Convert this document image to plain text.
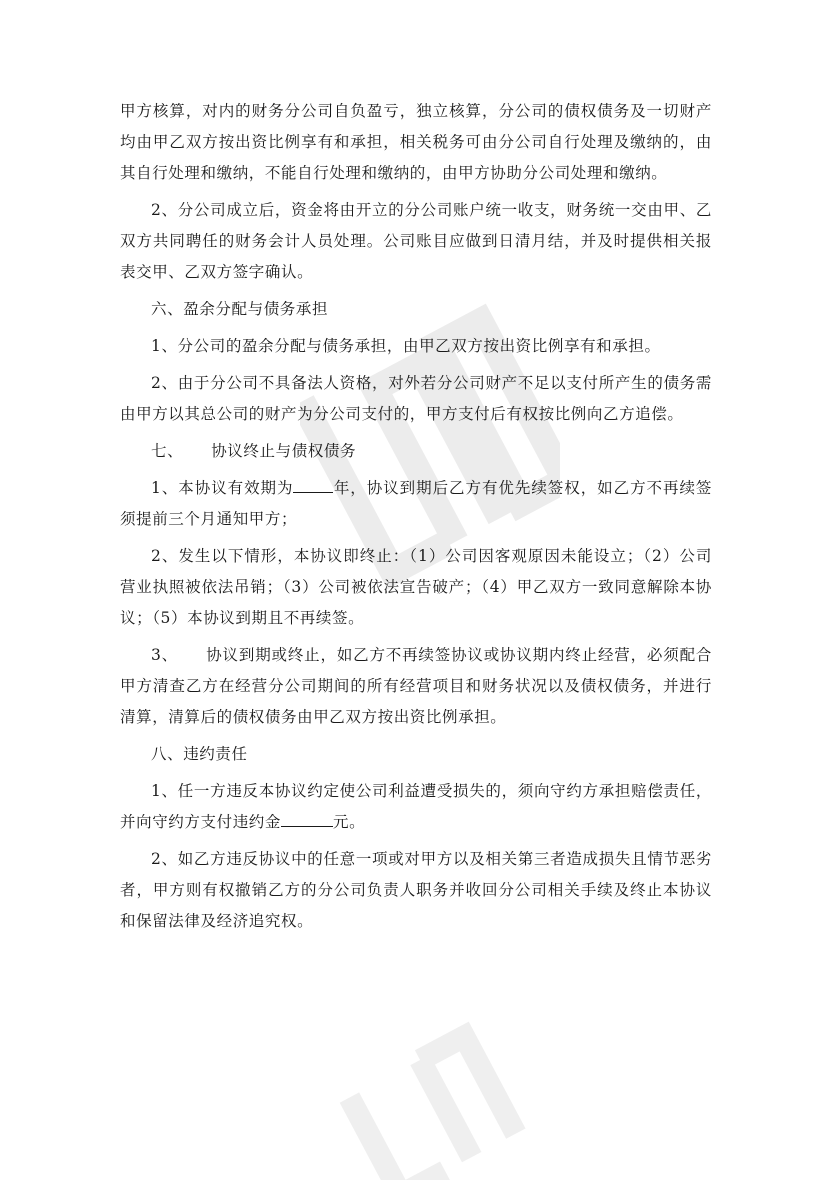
甲方核算，对内的财务分公司自负盈亏，独立核算，分公司的债权债务及一切财产均由甲乙双方按出资比例享有和承担，相关税务可由分公司自行处理及缴纳的，由其自行处理和缴纳，不能自行处理和缴纳的，由甲方协助分公司处理和缴纳。

2、分公司成立后，资金将由开立的分公司账户统一收支，财务统一交由甲、乙双方共同聘任的财务会计人员处理。公司账目应做到日清月结，并及时提供相关报表交甲、乙双方签字确认。

六、盈余分配与债务承担

1、分公司的盈余分配与债务承担，由甲乙双方按出资比例享有和承担。

2、由于分公司不具备法人资格，对外若分公司财产不足以支付所产生的债务需由甲方以其总公司的财产为分公司支付的，甲方支付后有权按比例向乙方追偿。

七、 协议终止与债权债务

1、本协议有效期为	年，协议到期后乙方有优先续签权，如乙方不再续签须提前三个月通知甲方；

2、发生以下情形，本协议即终止：（1）公司因客观原因未能设立；（2）公司营业执照被依法吊销；（3）公司被依法宣告破产；（4）甲乙双方一致同意解除本协议；（5）本协议到期且不再续签。

3、 协议到期或终止，如乙方不再续签协议或协议期内终止经营，必须配合甲方清查乙方在经营分公司期间的所有经营项目和财务状况以及债权债务，并进行清算，清算后的债权债务由甲乙双方按出资比例承担。

八、违约责任

1、任一方违反本协议约定使公司利益遭受损失的，须向守约方承担赔偿责任，并向守约方支付违约金	元。

2、如乙方违反协议中的任意一项或对甲方以及相关第三者造成损失且情节恶劣者，甲方则有权撤销乙方的分公司负责人职务并收回分公司相关手续及终止本协议和保留法律及经济追究权。
